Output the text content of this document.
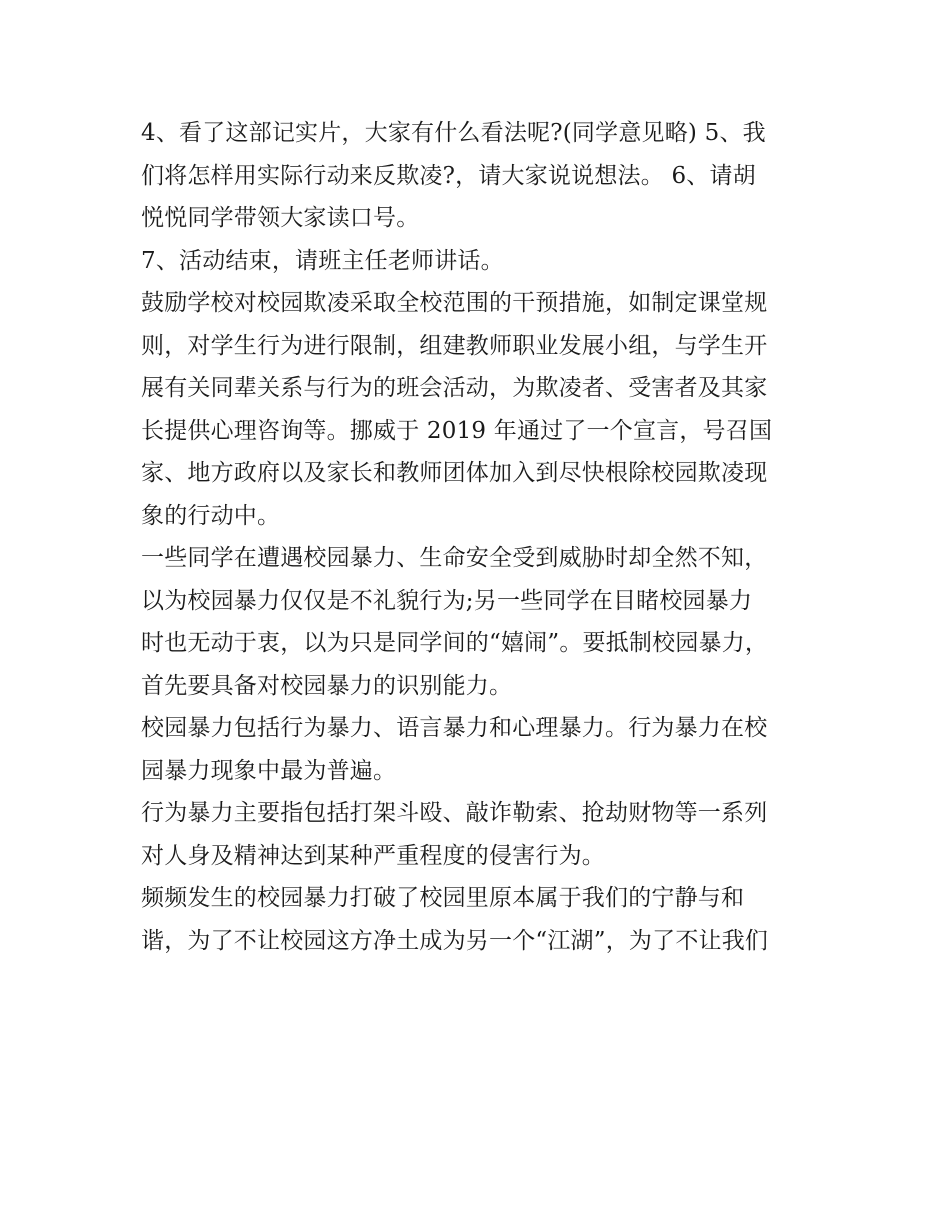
4、看了这部记实片，大家有什么看法呢?(同学意见略) 5、我
们将怎样用实际行动来反欺凌?，请大家说说想法。 6、请胡
悦悦同学带领大家读口号。
7、活动结束，请班主任老师讲话。
鼓励学校对校园欺凌采取全校范围的干预措施，如制定课堂规
则，对学生行为进行限制，组建教师职业发展小组，与学生开
展有关同辈关系与行为的班会活动，为欺凌者、受害者及其家
长提供心理咨询等。挪威于 2019 年通过了一个宣言，号召国
家、地方政府以及家长和教师团体加入到尽快根除校园欺凌现
象的行动中。
一些同学在遭遇校园暴力、生命安全受到威胁时却全然不知，
以为校园暴力仅仅是不礼貌行为;另一些同学在目睹校园暴力
时也无动于衷，以为只是同学间的“嬉闹”。要抵制校园暴力，
首先要具备对校园暴力的识别能力。
校园暴力包括行为暴力、语言暴力和心理暴力。行为暴力在校
园暴力现象中最为普遍。
行为暴力主要指包括打架斗殴、敲诈勒索、抢劫财物等一系列
对人身及精神达到某种严重程度的侵害行为。
频频发生的校园暴力打破了校园里原本属于我们的宁静与和
谐，为了不让校园这方净土成为另一个“江湖”，为了不让我们
